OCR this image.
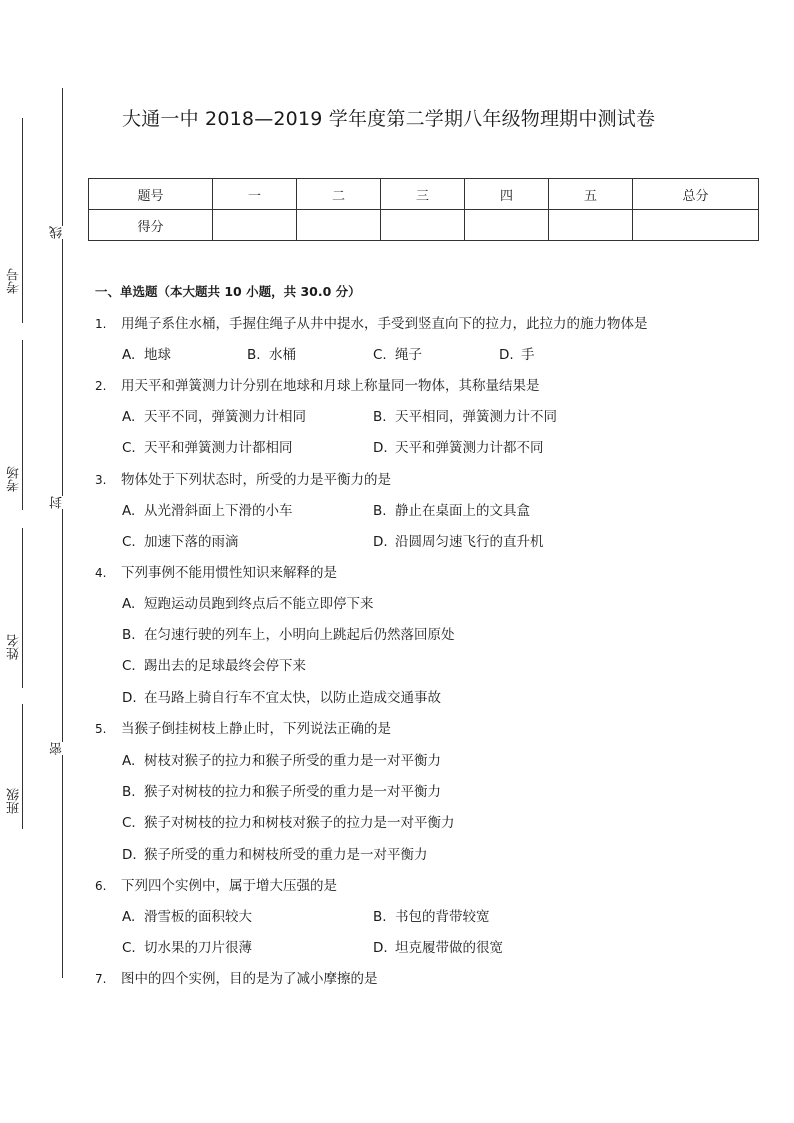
考号
考场
姓名
班级
线
封
密
大通一中 2018—2019 学年度第二学期八年级物理期中测试卷
题号	一	二	三	四	五	总分
得分						
一、单选题（本大题共 10 小题，共 30.0 分）
1. 用绳子系住水桶，手握住绳子从井中提水，手受到竖直向下的拉力，此拉力的施力物体是
A. 地球	B. 水桶	C. 绳子	D. 手
2. 用天平和弹簧测力计分别在地球和月球上称量同一物体，其称量结果是
A. 天平不同，弹簧测力计相同	B. 天平相同，弹簧测力计不同
C. 天平和弹簧测力计都相同	D. 天平和弹簧测力计都不同
3. 物体处于下列状态时，所受的力是平衡力的是
A. 从光滑斜面上下滑的小车	B. 静止在桌面上的文具盒
C. 加速下落的雨滴	D. 沿圆周匀速飞行的直升机
4. 下列事例不能用惯性知识来解释的是
A. 短跑运动员跑到终点后不能立即停下来
B. 在匀速行驶的列车上，小明向上跳起后仍然落回原处
C. 踢出去的足球最终会停下来
D. 在马路上骑自行车不宜太快，以防止造成交通事故
5. 当猴子倒挂树枝上静止时，下列说法正确的是
A. 树枝对猴子的拉力和猴子所受的重力是一对平衡力
B. 猴子对树枝的拉力和猴子所受的重力是一对平衡力
C. 猴子对树枝的拉力和树枝对猴子的拉力是一对平衡力
D. 猴子所受的重力和树枝所受的重力是一对平衡力
6. 下列四个实例中，属于增大压强的是
A. 滑雪板的面积较大	B. 书包的背带较宽
C. 切水果的刀片很薄	D. 坦克履带做的很宽
7. 图中的四个实例，目的是为了减小摩擦的是
